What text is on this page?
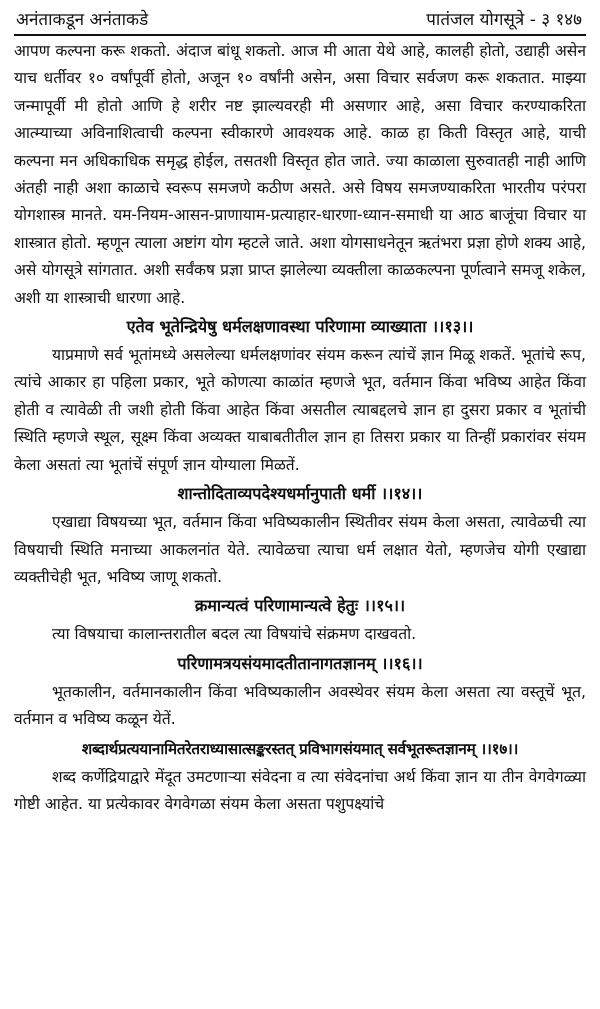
अनंताकडून अनंताकडे	पातंजल योगसूत्रे - ३ १४७

आपण कल्पना करू शकतो. अंदाज बांधू शकतो. आज मी आता येथे आहे, कालही होतो, उद्याही असेन याच धर्तीवर १० वर्षांपूर्वी होतो, अजून १० वर्षांनी असेन, असा विचार सर्वजण करू शकतात. माझ्या जन्मापूर्वी मी होतो आणि हे शरीर नष्ट झाल्यवरही मी असणार आहे, असा विचार करण्याकरिता आत्म्याच्या अविनाशित्वाची कल्पना स्वीकारणे आवश्यक आहे. काळ हा किती विस्तृत आहे, याची कल्पना मन अधिकाधिक समृद्ध होईल, तसतशी विस्तृत होत जाते. ज्या काळाला सुरुवातही नाही आणि अंतही नाही अशा काळाचे स्वरूप समजणे कठीण असते. असे विषय समजण्याकरिता भारतीय परंपरा योगशास्त्र मानते. यम-नियम-आसन-प्राणायाम-प्रत्याहार-धारणा-ध्यान-समाधी या आठ बाजूंचा विचार या शास्त्रात होतो. म्हणून त्याला अष्टांग योग म्हटले जाते. अशा योगसाधनेतून ऋतंभरा प्रज्ञा होणे शक्य आहे, असे योगसूत्रे सांगतात. अशी सर्वंकष प्रज्ञा प्राप्त झालेल्या व्यक्तीला काळकल्पना पूर्णत्वाने समजू शकेल, अशी या शास्त्राची धारणा आहे.

एतेव भूतेन्द्रियेषु धर्मलक्षणावस्था परिणामा व्याख्याता ।।१३।।

याप्रमाणे सर्व भूतांमध्ये असलेल्या धर्मलक्षणांवर संयम करून त्यांचें ज्ञान मिळू शकतें. भूतांचे रूप, त्यांचे आकार हा पहिला प्रकार, भूते कोणत्या काळांत म्हणजे भूत, वर्तमान किंवा भविष्य आहेत किंवा होती व त्यावेळी ती जशी होती किंवा आहेत किंवा असतील त्याबद्दलचे ज्ञान हा दुसरा प्रकार व भूतांची स्थिति म्हणजे स्थूल, सूक्ष्म किंवा अव्यक्त याबाबतीतील ज्ञान हा तिसरा प्रकार या तिन्हीं प्रकारांवर संयम केला असतां त्या भूतांचें संपूर्ण ज्ञान योग्याला मिळतें.

शान्तोदिताव्यपदेश्यधर्मानुपाती धर्मी ।।१४।।

एखाद्या विषयच्या भूत, वर्तमान किंवा भविष्यकालीन स्थितीवर संयम केला असता, त्यावेळची त्या विषयाची स्थिति मनाच्या आकलनांत येते. त्यावेळचा त्याचा धर्म लक्षात येतो, म्हणजेच योगी एखाद्या व्यक्तीचेही भूत, भविष्य जाणू शकतो.

क्रमान्यत्वं परिणामान्यत्वे हेतुः ।।१५।।

त्या विषयाचा कालान्तरातील बदल त्या विषयांचे संक्रमण दाखवतो.

परिणामत्रयसंयमादतीतानागतज्ञानम् ।।१६।।

भूतकालीन, वर्तमानकालीन किंवा भविष्यकालीन अवस्थेवर संयम केला असता त्या वस्तूचें भूत, वर्तमान व भविष्य कळून येतें.

शब्दार्थप्रत्ययानामितरेतराध्यासात्सङ्करस्तत् प्रविभागसंयमात् सर्वभूतरूतज्ञानम् ।।१७।।

शब्द कर्णेद्रियाद्वारे मेंदूत उमटणाऱ्या संवेदना व त्या संवेदनांचा अर्थ किंवा ज्ञान या तीन वेगवेगळ्या गोष्टी आहेत. या प्रत्येकावर वेगवेगळा संयम केला असता पशुपक्ष्यांचे
